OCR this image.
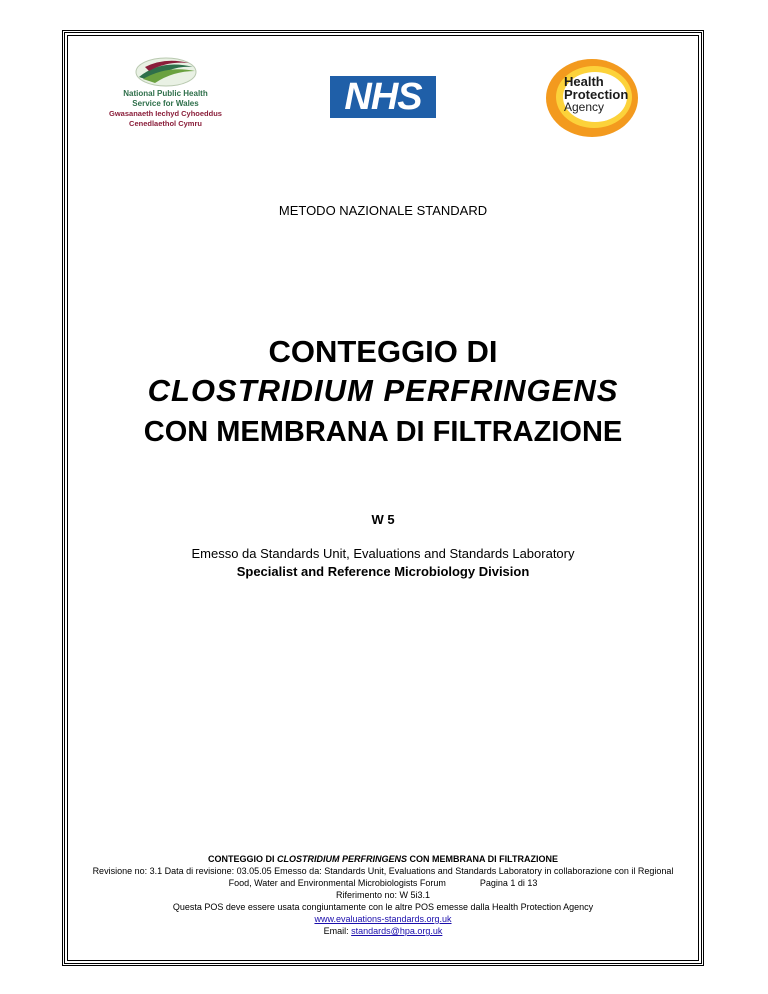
National Public Health
Service for Wales
Gwasanaeth Iechyd Cyhoeddus
Cenedlaethol Cymru
NHS	Health
Protection
Agency
METODO NAZIONALE STANDARD
CONTEGGIO DI
CLOSTRIDIUM PERFRINGENS
CON MEMBRANA DI FILTRAZIONE
W 5
Emesso da Standards Unit, Evaluations and Standards Laboratory
Specialist and Reference Microbiology Division
CONTEGGIO DI CLOSTRIDIUM PERFRINGENS CON MEMBRANA DI FILTRAZIONE
Revisione no: 3.1 Data di revisione: 03.05.05 Emesso da: Standards Unit, Evaluations and Standards Laboratory in collaborazione con il Regional
Food, Water and Environmental Microbiologists Forum	Pagina 1 di 13
Riferimento no: W 5i3.1
Questa POS deve essere usata congiuntamente con le altre POS emesse dalla Health Protection Agency
www.evaluations-standards.org.uk
Email: standards@hpa.org.uk
